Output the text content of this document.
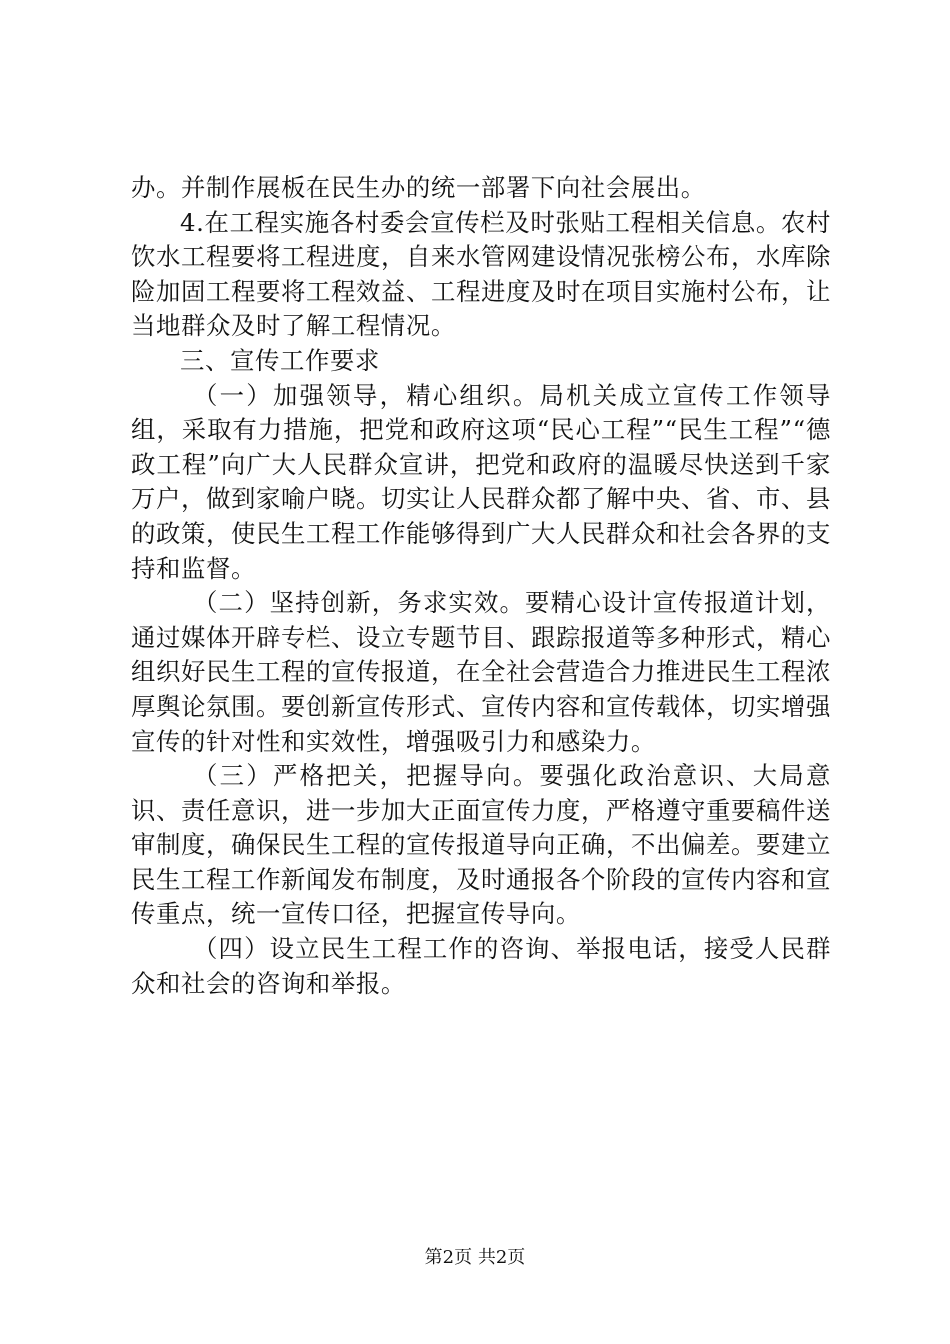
办。并制作展板在民生办的统一部署下向社会展出。

4.在工程实施各村委会宣传栏及时张贴工程相关信息。农村饮水工程要将工程进度，自来水管网建设情况张榜公布，水库除险加固工程要将工程效益、工程进度及时在项目实施村公布，让当地群众及时了解工程情况。

三、宣传工作要求

（一）加强领导，精心组织。局机关成立宣传工作领导组，采取有力措施，把党和政府这项“民心工程”“民生工程”“德政工程”向广大人民群众宣讲，把党和政府的温暖尽快送到千家万户，做到家喻户晓。切实让人民群众都了解中央、省、市、县的政策，使民生工程工作能够得到广大人民群众和社会各界的支持和监督。

（二）坚持创新，务求实效。要精心设计宣传报道计划，通过媒体开辟专栏、设立专题节目、跟踪报道等多种形式，精心组织好民生工程的宣传报道，在全社会营造合力推进民生工程浓厚舆论氛围。要创新宣传形式、宣传内容和宣传载体，切实增强宣传的针对性和实效性，增强吸引力和感染力。

（三）严格把关，把握导向。要强化政治意识、大局意识、责任意识，进一步加大正面宣传力度，严格遵守重要稿件送审制度，确保民生工程的宣传报道导向正确，不出偏差。要建立民生工程工作新闻发布制度，及时通报各个阶段的宣传内容和宣传重点，统一宣传口径，把握宣传导向。

（四）设立民生工程工作的咨询、举报电话，接受人民群众和社会的咨询和举报。

第2页 共2页
